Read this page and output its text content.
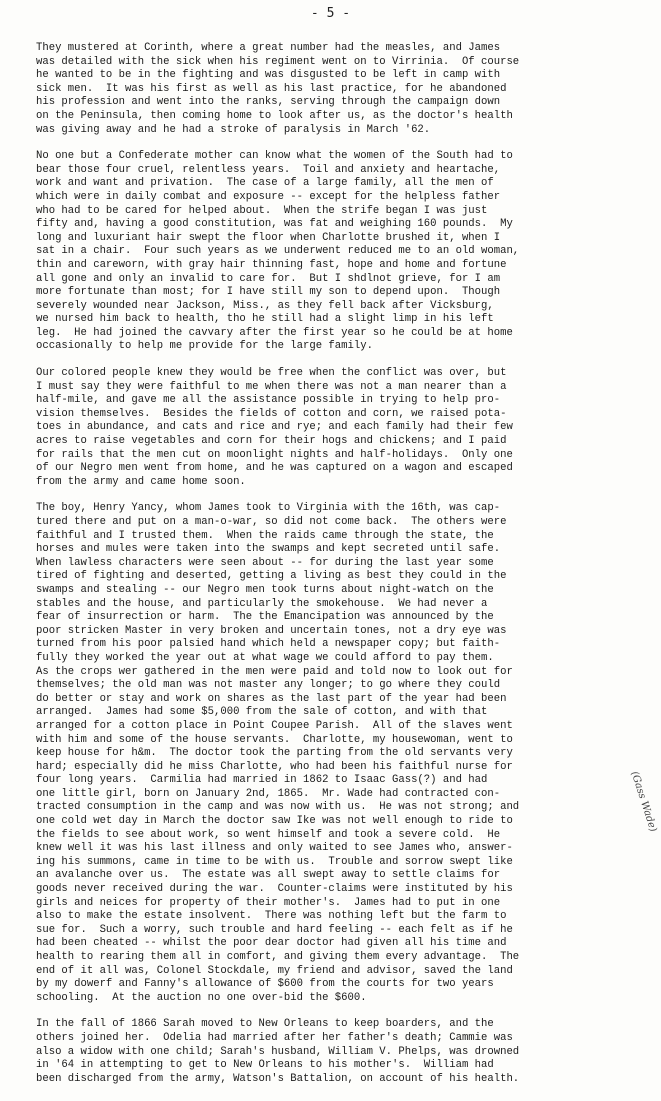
- 5 -
They mustered at Corinth, where a great number had the measles, and James
was detailed with the sick when his regiment went on to Virrinia.  Of course
he wanted to be in the fighting and was disgusted to be left in camp with
sick men.  It was his first as well as his last practice, for he abandoned
his profession and went into the ranks, serving through the campaign down
on the Peninsula, then coming home to look after us, as the doctor's health
was giving away and he had a stroke of paralysis in March '62.
No one but a Confederate mother can know what the women of the South had to
bear those four cruel, relentless years.  Toil and anxiety and heartache,
work and want and privation.  The case of a large family, all the men of
which were in daily combat and exposure -- except for the helpless father
who had to be cared for helped about.  When the strife began I was just
fifty and, having a good constitution, was fat and weighing 160 pounds.  My
long and luxuriant hair swept the floor when Charlotte brushed it, when I
sat in a chair.  Four such years as we underwent reduced me to an old woman,
thin and careworn, with gray hair thinning fast, hope and home and fortune
all gone and only an invalid to care for.  But I shdlnot grieve, for I am
more fortunate than most; for I have still my son to depend upon.  Though
severely wounded near Jackson, Miss., as they fell back after Vicksburg,
we nursed him back to health, tho he still had a slight limp in his left
leg.  He had joined the cavvary after the first year so he could be at home
occasionally to help me provide for the large family.
Our colored people knew they would be free when the conflict was over, but
I must say they were faithful to me when there was not a man nearer than a
half-mile, and gave me all the assistance possible in trying to help pro-
vision themselves.  Besides the fields of cotton and corn, we raised pota-
toes in abundance, and cats and rice and rye; and each family had their few
acres to raise vegetables and corn for their hogs and chickens; and I paid
for rails that the men cut on moonlight nights and half-holidays.  Only one
of our Negro men went from home, and he was captured on a wagon and escaped
from the army and came home soon.
The boy, Henry Yancy, whom James took to Virginia with the 16th, was cap-
tured there and put on a man-o-war, so did not come back.  The others were
faithful and I trusted them.  When the raids came through the state, the
horses and mules were taken into the swamps and kept secreted until safe.
When lawless characters were seen about -- for during the last year some
tired of fighting and deserted, getting a living as best they could in the
swamps and stealing -- our Negro men took turns about night-watch on the
stables and the house, and particularly the smokehouse.  We had never a
fear of insurrection or harm.  The the Emancipation was announced by the
poor stricken Master in very broken and uncertain tones, not a dry eye was
turned from his poor palsied hand which held a newspaper copy; but faith-
fully they worked the year out at what wage we could afford to pay them.
As the crops wer gathered in the men were paid and told now to look out for
themselves; the old man was not master any longer; to go where they could
do better or stay and work on shares as the last part of the year had been
arranged.  James had some $5,000 from the sale of cotton, and with that
arranged for a cotton place in Point Coupee Parish.  All of the slaves went
with him and some of the house servants.  Charlotte, my housewoman, went to
keep house for h&m.  The doctor took the parting from the old servants very
hard; especially did he miss Charlotte, who had been his faithful nurse for
four long years.  Carmilia had married in 1862 to Isaac Gass(?) and had
one little girl, born on January 2nd, 1865.  Mr. Wade had contracted con-
tracted consumption in the camp and was now with us.  He was not strong; and
one cold wet day in March the doctor saw Ike was not well enough to ride to
the fields to see about work, so went himself and took a severe cold.  He
knew well it was his last illness and only waited to see James who, answer-
ing his summons, came in time to be with us.  Trouble and sorrow swept like
an avalanche over us.  The estate was all swept away to settle claims for
goods never received during the war.  Counter-claims were instituted by his
girls and neices for property of their mother's.  James had to put in one
also to make the estate insolvent.  There was nothing left but the farm to
sue for.  Such a worry, such trouble and hard feeling -- each felt as if he
had been cheated -- whilst the poor dear doctor had given all his time and
health to rearing them all in comfort, and giving them every advantage.  The
end of it all was, Colonel Stockdale, my friend and advisor, saved the land
by my dowerf and Fanny's allowance of $600 from the courts for two years
schooling.  At the auction no one over-bid the $600.
In the fall of 1866 Sarah moved to New Orleans to keep boarders, and the
others joined her.  Odelia had married after her father's death; Cammie was
also a widow with one child; Sarah's husband, William V. Phelps, was drowned
in '64 in attempting to get to New Orleans to his mother's.  William had
been discharged from the army, Watson's Battalion, on account of his health.
(Gass Wade)
